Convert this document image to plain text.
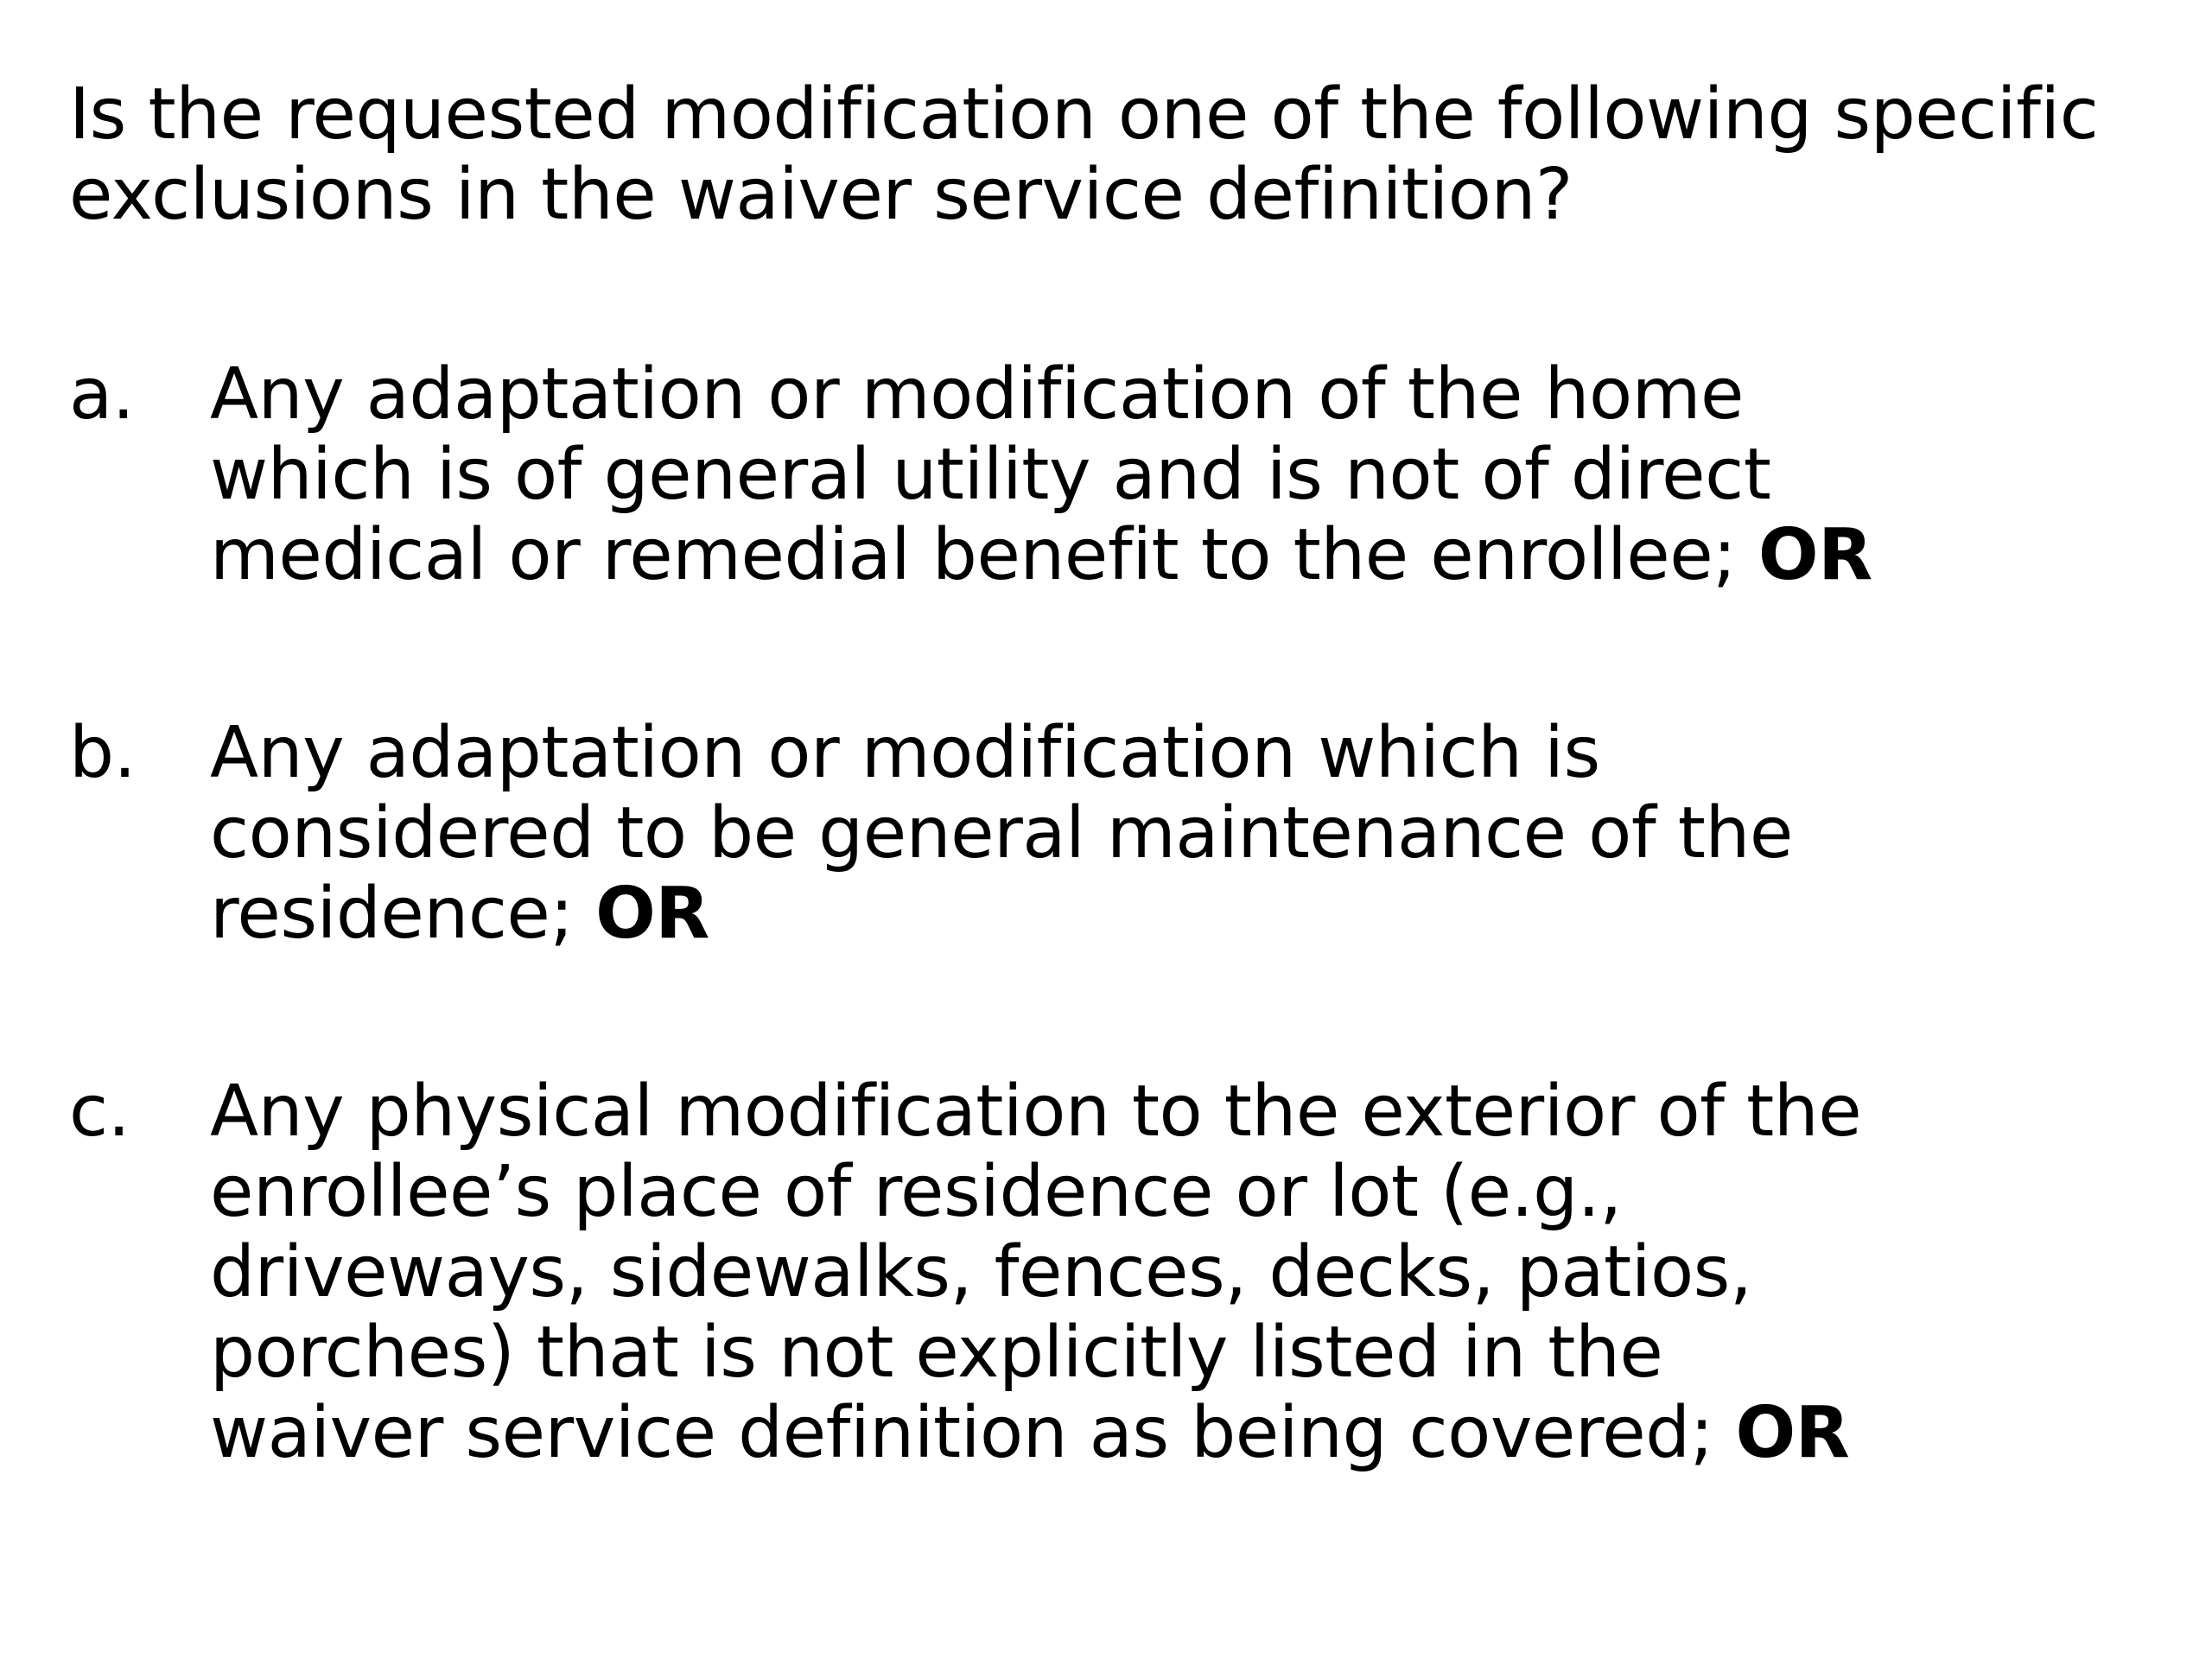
Is the requested modification one of the following specific
exclusions in the waiver service definition?
a.	Any adaptation or modification of the home
which is of general utility and is not of direct
medical or remedial benefit to the enrollee; OR
b.	Any adaptation or modification which is
considered to be general maintenance of the
residence; OR
c.	Any physical modification to the exterior of the
enrollee’s place of residence or lot (e.g.,
driveways, sidewalks, fences, decks, patios,
porches) that is not explicitly listed in the
waiver service definition as being covered; OR
